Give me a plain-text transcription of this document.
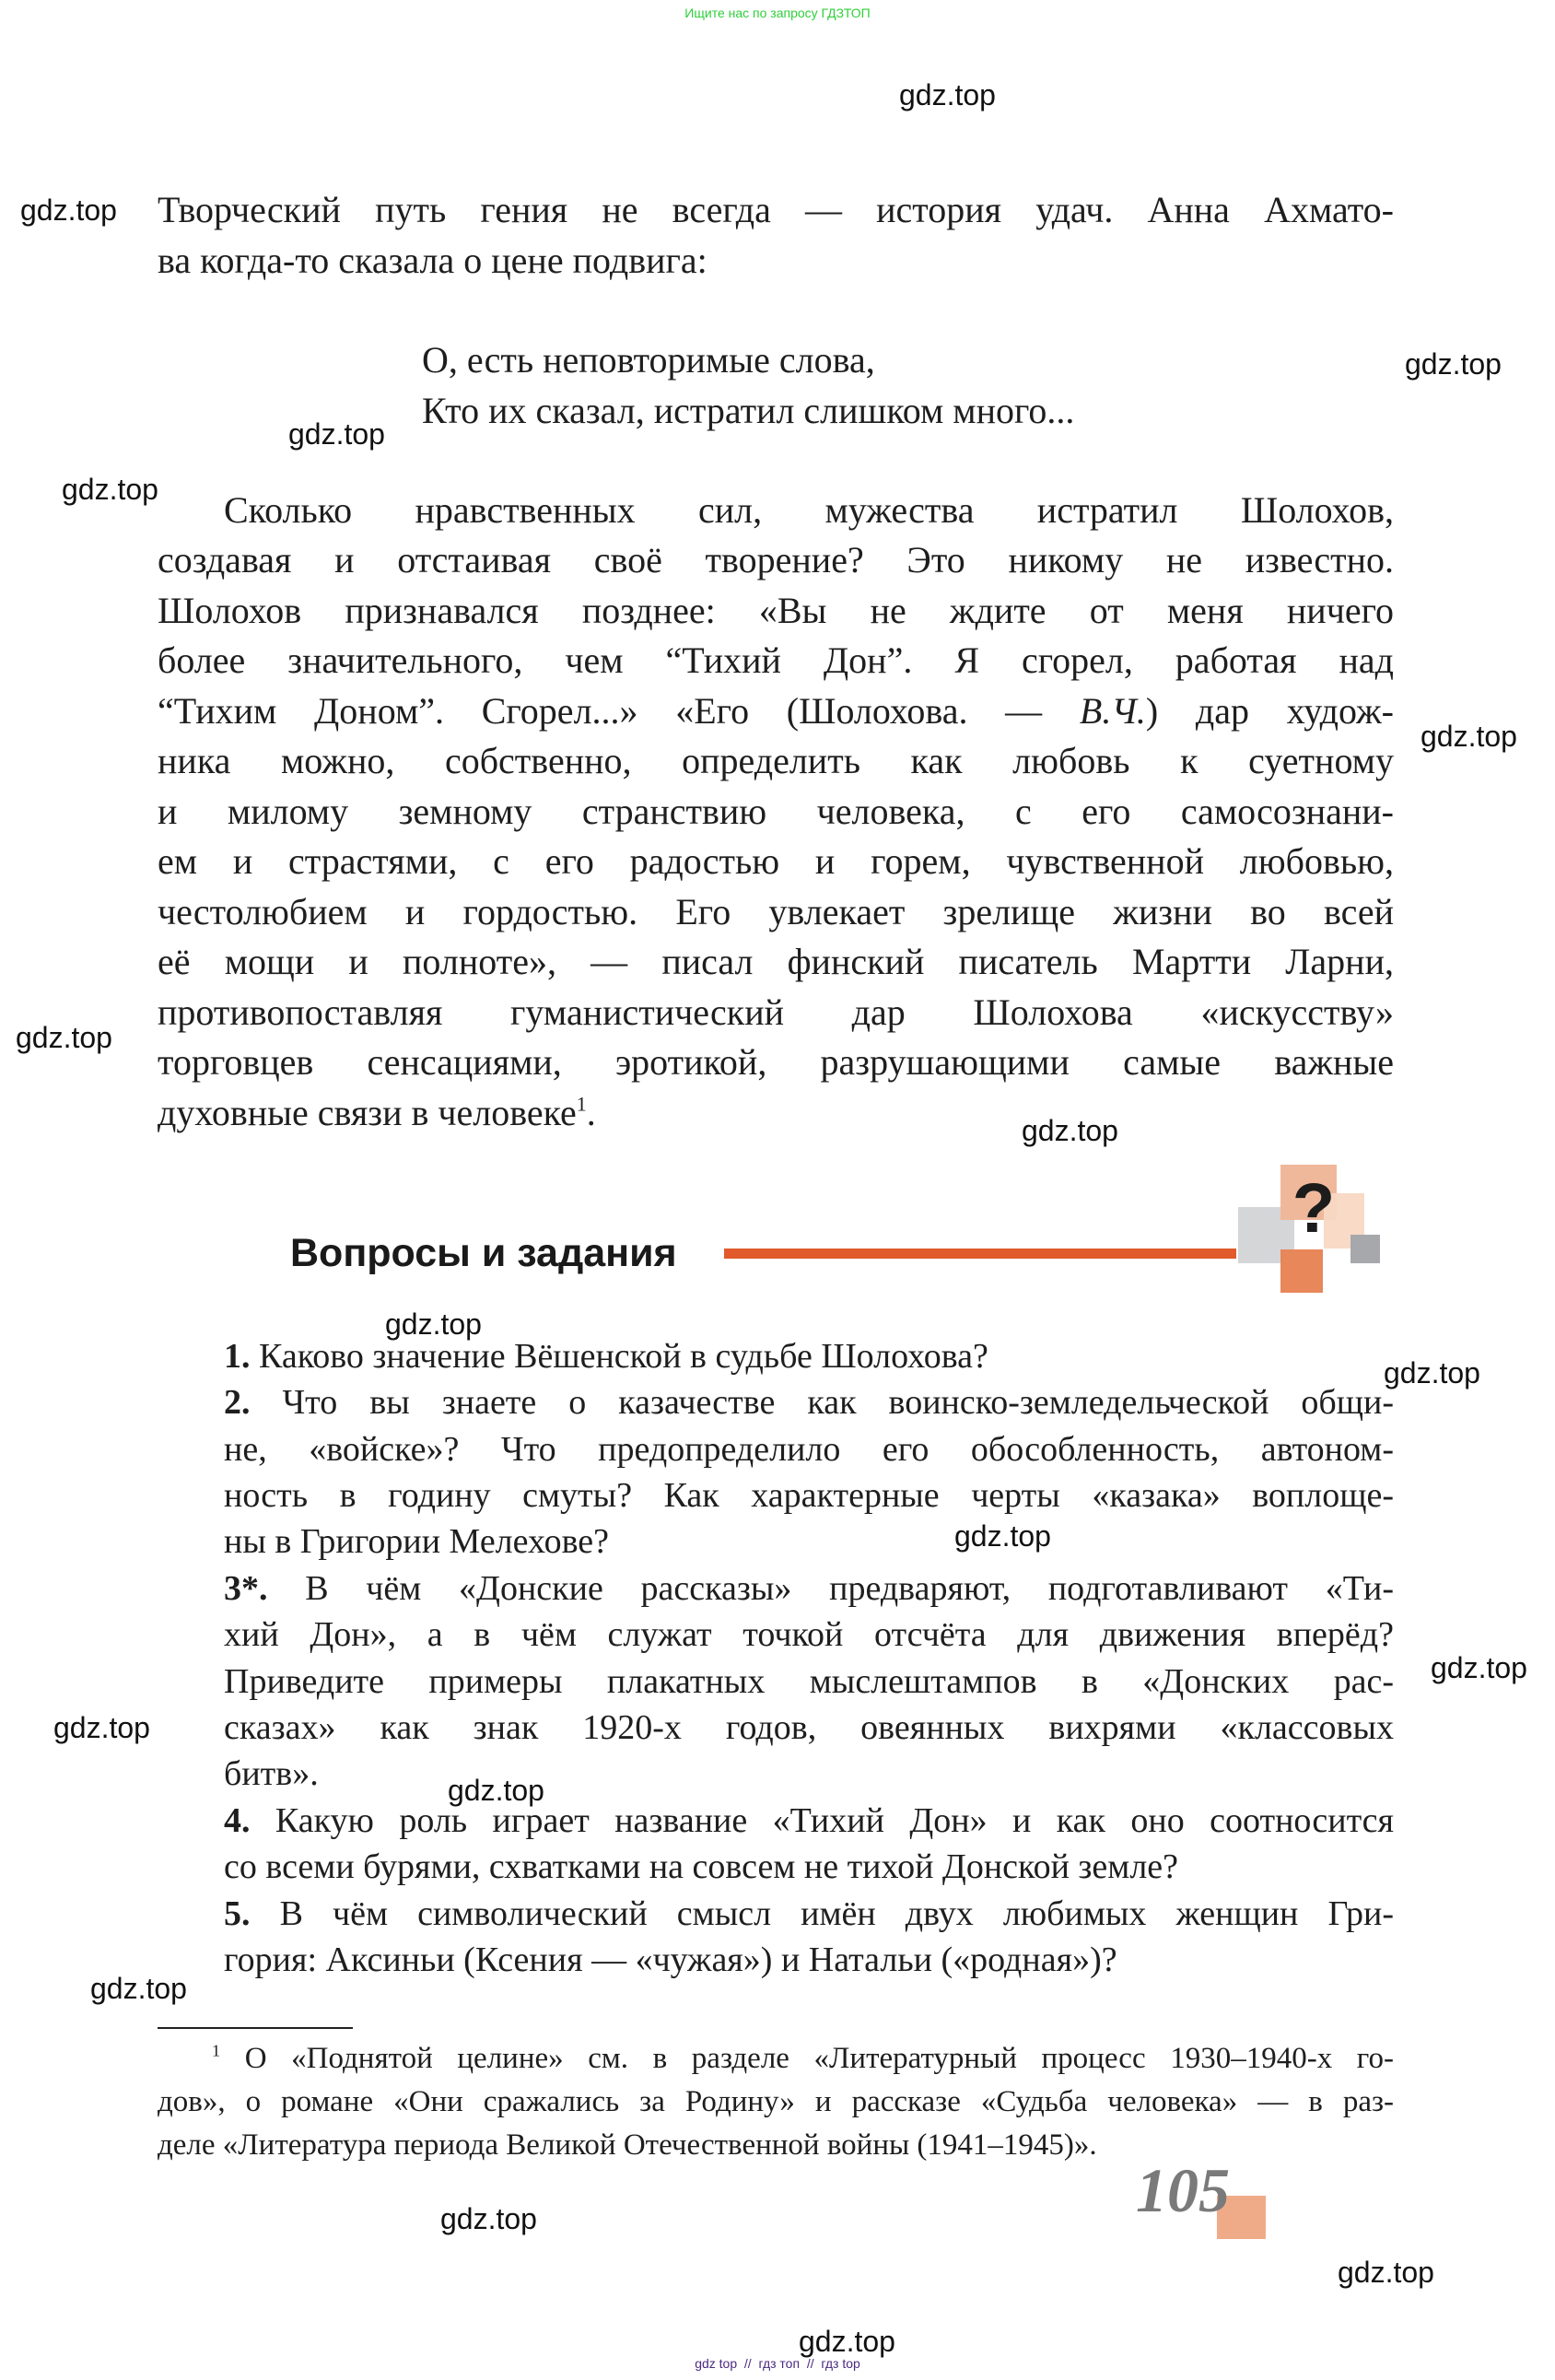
Ищите нас по запросу ГДЗТОП
gdz.top
gdz.top
gdz.top
gdz.top
gdz.top
gdz.top
gdz.top
gdz.top
gdz.top
gdz.top
gdz.top
gdz.top
gdz.top
gdz.top
gdz.top
gdz.top
gdz.top
gdz.top
Творческий путь гения не всегда — история удач. Анна Ахмато-
ва когда-то сказала о цене подвига:
О, есть неповторимые слова,
Кто их сказал, истратил слишком много...
Сколько нравственных сил, мужества истратил Шолохов,
создавая и отстаивая своё творение? Это никому не известно.
Шолохов признавался позднее: «Вы не ждите от меня ничего
более значительного, чем “Тихий Дон”. Я сгорел, работая над
“Тихим Доном”. Сгорел...» «Его (Шолохова. — В.Ч.) дар худож-
ника можно, собственно, определить как любовь к суетному
и милому земному странствию человека, с его самосознани-
ем и страстями, с его радостью и горем, чувственной любовью,
честолюбием и гордостью. Его увлекает зрелище жизни во всей
её мощи и полноте», — писал финский писатель Мартти Ларни,
противопоставляя гуманистический дар Шолохова «искусству»
торговцев сенсациями, эротикой, разрушающими самые важные
духовные связи в человеке$^1$.
Вопросы и задания
?
1. Каково значение Вёшенской в судьбе Шолохова?
2. Что вы знаете о казачестве как воинско-земледельческой общи-
не, «войске»? Что предопределило его обособленность, автоном-
ность в годину смуты? Как характерные черты «казака» воплоще-
ны в Григории Мелехове?
3*. В чём «Донские рассказы» предваряют, подготавливают «Ти-
хий Дон», а в чём служат точкой отсчёта для движения вперёд?
Приведите примеры плакатных мыслештампов в «Донских рас-
сказах» как знак 1920-х годов, овеянных вихрями «классовых
битв».
4. Какую роль играет название «Тихий Дон» и как оно соотносится
со всеми бурями, схватками на совсем не тихой Донской земле?
5. В чём символический смысл имён двух любимых женщин Гри-
гория: Аксиньи (Ксения — «чужая») и Натальи («родная»)?
$^1$ О «Поднятой целине» см. в разделе «Литературный процесс 1930–1940-х го-
дов», о романе «Они сражались за Родину» и рассказе «Судьба человека» — в раз-
деле «Литература периода Великой Отечественной войны (1941–1945)».
105
gdz top  //  гдз топ  //  гдз top
